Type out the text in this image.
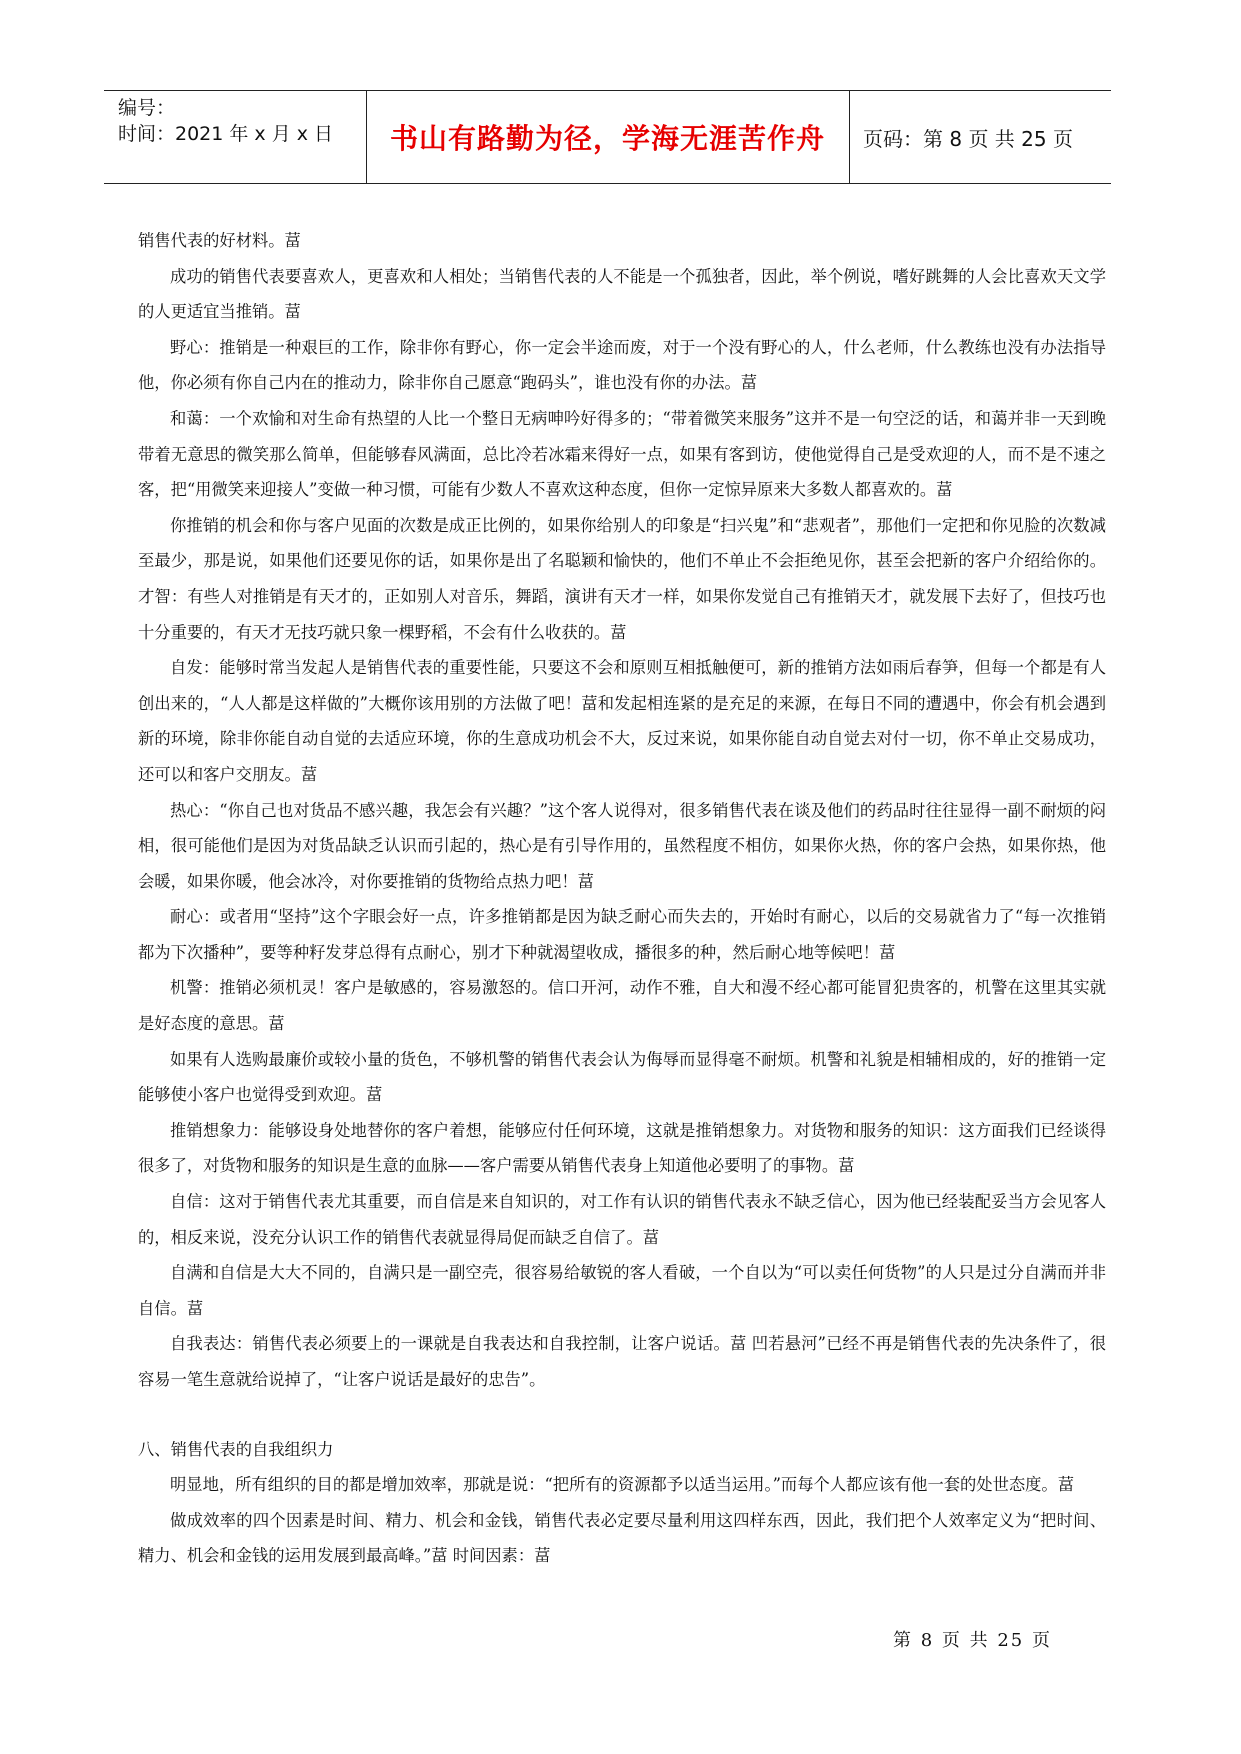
编号：
时间：2021 年 x 月 x 日 书山有路勤为径，学海无涯苦作舟 页码：第 8 页 共 25 页

销售代表的好材料。葍

成功的销售代表要喜欢人，更喜欢和人相处；当销售代表的人不能是一个孤独者，因此，举个例说，嗜好跳舞的人会比喜欢天文学的人更适宜当推销。葍

野心：推销是一种艰巨的工作，除非你有野心，你一定会半途而废，对于一个没有野心的人，什么老师，什么教练也没有办法指导他，你必须有你自己内在的推动力，除非你自己愿意“跑码头”，谁也没有你的办法。葍

和蔼：一个欢愉和对生命有热望的人比一个整日无病呻吟好得多的；“带着微笑来服务”这并不是一句空泛的话，和蔼并非一天到晚带着无意思的微笑那么简单，但能够春风满面，总比冷若冰霜来得好一点，如果有客到访，使他觉得自己是受欢迎的人，而不是不速之客，把“用微笑来迎接人”变做一种习惯，可能有少数人不喜欢这种态度，但你一定惊异原来大多数人都喜欢的。葍

你推销的机会和你与客户见面的次数是成正比例的，如果你给别人的印象是“扫兴鬼”和“悲观者”，那他们一定把和你见脸的次数减至最少，那是说，如果他们还要见你的话，如果你是出了名聪颖和愉快的，他们不单止不会拒绝见你，甚至会把新的客户介绍给你的。才智：有些人对推销是有天才的，正如别人对音乐，舞蹈，演讲有天才一样，如果你发觉自己有推销天才，就发展下去好了，但技巧也十分重要的，有天才无技巧就只象一棵野稻，不会有什么收获的。葍

自发：能够时常当发起人是销售代表的重要性能，只要这不会和原则互相抵触便可，新的推销方法如雨后春笋，但每一个都是有人创出来的，“人人都是这样做的”大概你该用别的方法做了吧！葍和发起相连紧的是充足的来源，在每日不同的遭遇中，你会有机会遇到新的环境，除非你能自动自觉的去适应环境，你的生意成功机会不大，反过来说，如果你能自动自觉去对付一切，你不单止交易成功，还可以和客户交朋友。葍

热心：“你自己也对货品不感兴趣，我怎会有兴趣？”这个客人说得对，很多销售代表在谈及他们的药品时往往显得一副不耐烦的闷相，很可能他们是因为对货品缺乏认识而引起的，热心是有引导作用的，虽然程度不相仿，如果你火热，你的客户会热，如果你热，他会暖，如果你暖，他会冰冷，对你要推销的货物给点热力吧！葍

耐心：或者用“坚持”这个字眼会好一点，许多推销都是因为缺乏耐心而失去的，开始时有耐心，以后的交易就省力了“每一次推销都为下次播种”，要等种籽发芽总得有点耐心，别才下种就渴望收成，播很多的种，然后耐心地等候吧！葍

机警：推销必须机灵！客户是敏感的，容易激怒的。信口开河，动作不雅，自大和漫不经心都可能冒犯贵客的，机警在这里其实就是好态度的意思。葍

如果有人选购最廉价或较小量的货色，不够机警的销售代表会认为侮辱而显得毫不耐烦。机警和礼貌是相辅相成的，好的推销一定能够使小客户也觉得受到欢迎。葍

推销想象力：能够设身处地替你的客户着想，能够应付任何环境，这就是推销想象力。对货物和服务的知识：这方面我们已经谈得很多了，对货物和服务的知识是生意的血脉——客户需要从销售代表身上知道他必要明了的事物。葍

自信：这对于销售代表尤其重要，而自信是来自知识的，对工作有认识的销售代表永不缺乏信心，因为他已经装配妥当方会见客人的，相反来说，没充分认识工作的销售代表就显得局促而缺乏自信了。葍

自满和自信是大大不同的，自满只是一副空壳，很容易给敏锐的客人看破，一个自以为“可以卖任何货物”的人只是过分自满而并非自信。葍

自我表达：销售代表必须要上的一课就是自我表达和自我控制，让客户说话。葍 凹若悬河”已经不再是销售代表的先决条件了，很容易一笔生意就给说掉了，“让客户说话是最好的忠告”。

八、销售代表的自我组织力

明显地，所有组织的目的都是增加效率，那就是说：“把所有的资源都予以适当运用。”而每个人都应该有他一套的处世态度。葍

做成效率的四个因素是时间、精力、机会和金钱，销售代表必定要尽量利用这四样东西，因此，我们把个人效率定义为“把时间、精力、机会和金钱的运用发展到最高峰。”葍 时间因素：葍

第 8 页 共 25 页
